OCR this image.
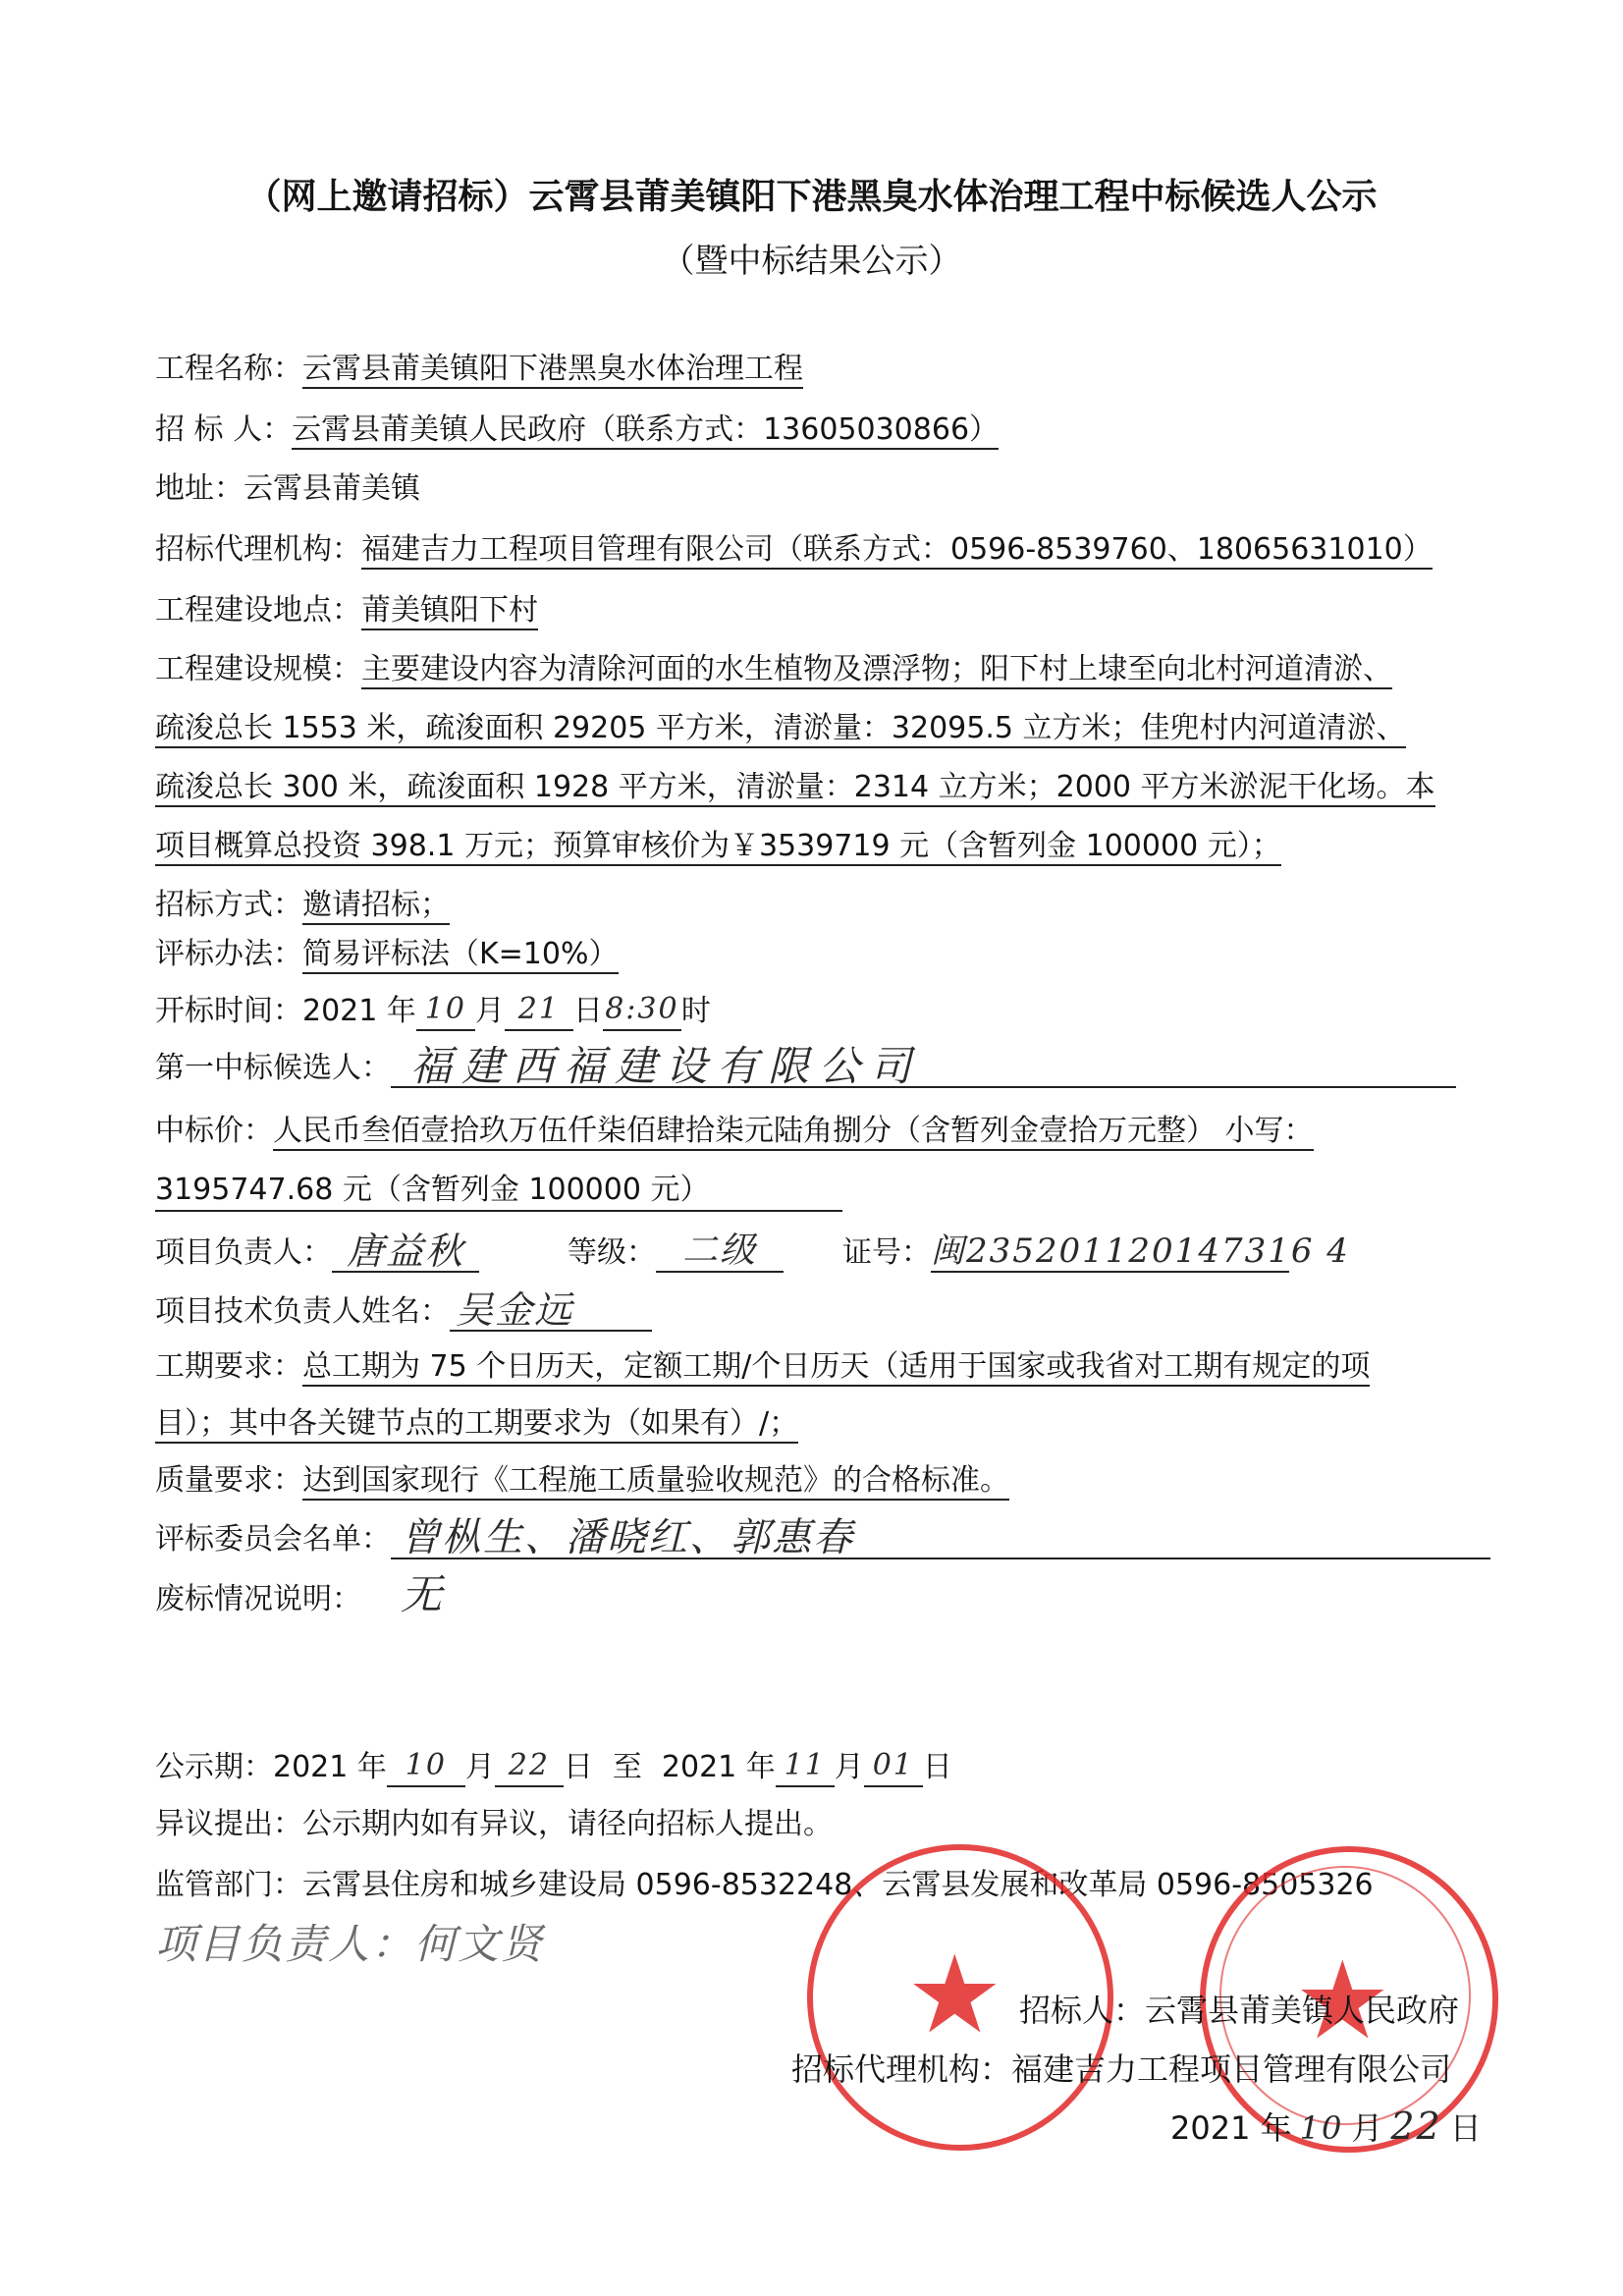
（网上邀请招标）云霄县莆美镇阳下港黑臭水体治理工程中标候选人公示
（暨中标结果公示）
工程名称：云霄县莆美镇阳下港黑臭水体治理工程
招 标 人：云霄县莆美镇人民政府（联系方式：13605030866）
地址：云霄县莆美镇
招标代理机构：福建吉力工程项目管理有限公司（联系方式：0596-8539760、18065631010）
工程建设地点：莆美镇阳下村
工程建设规模：主要建设内容为清除河面的水生植物及漂浮物；阳下村上埭至向北村河道清淤、
疏浚总长 1553 米，疏浚面积 29205 平方米，清淤量：32095.5 立方米；佳兜村内河道清淤、
疏浚总长 300 米，疏浚面积 1928 平方米，清淤量：2314 立方米；2000 平方米淤泥干化场。本
项目概算总投资 398.1 万元；预算审核价为￥3539719 元（含暂列金 100000 元）；
招标方式：邀请招标；
评标办法：简易评标法（K=10%）
开标时间：2021 年 10 月 21 日8:30时
第一中标候选人： 福建西福建设有限公司
中标价：人民币叁佰壹拾玖万伍仟柒佰肆拾柒元陆角捌分（含暂列金壹拾万元整） 小写：
3195747.68 元（含暂列金 100000 元）
项目负责人： 唐益秋	等级： 二级	证号：闽235201120147316 4
项目技术负责人姓名： 吴金远
工期要求：总工期为 75 个日历天，定额工期/个日历天（适用于国家或我省对工期有规定的项
目）；其中各关键节点的工期要求为（如果有）/；
质量要求：达到国家现行《工程施工质量验收规范》的合格标准。
评标委员会名单： 曾枞生、潘晓红、郭惠春
废标情况说明： 无
公示期：2021 年 10 月 22 日 至 2021 年 11 月 01 日
异议提出：公示期内如有异议，请径向招标人提出。
监管部门：云霄县住房和城乡建设局 0596-8532248、云霄县发展和改革局 0596-8505326
项目负责人：何文贤	★	★
招标人：云霄县莆美镇人民政府
招标代理机构：福建吉力工程项目管理有限公司
2021 年 10 月 22 日
